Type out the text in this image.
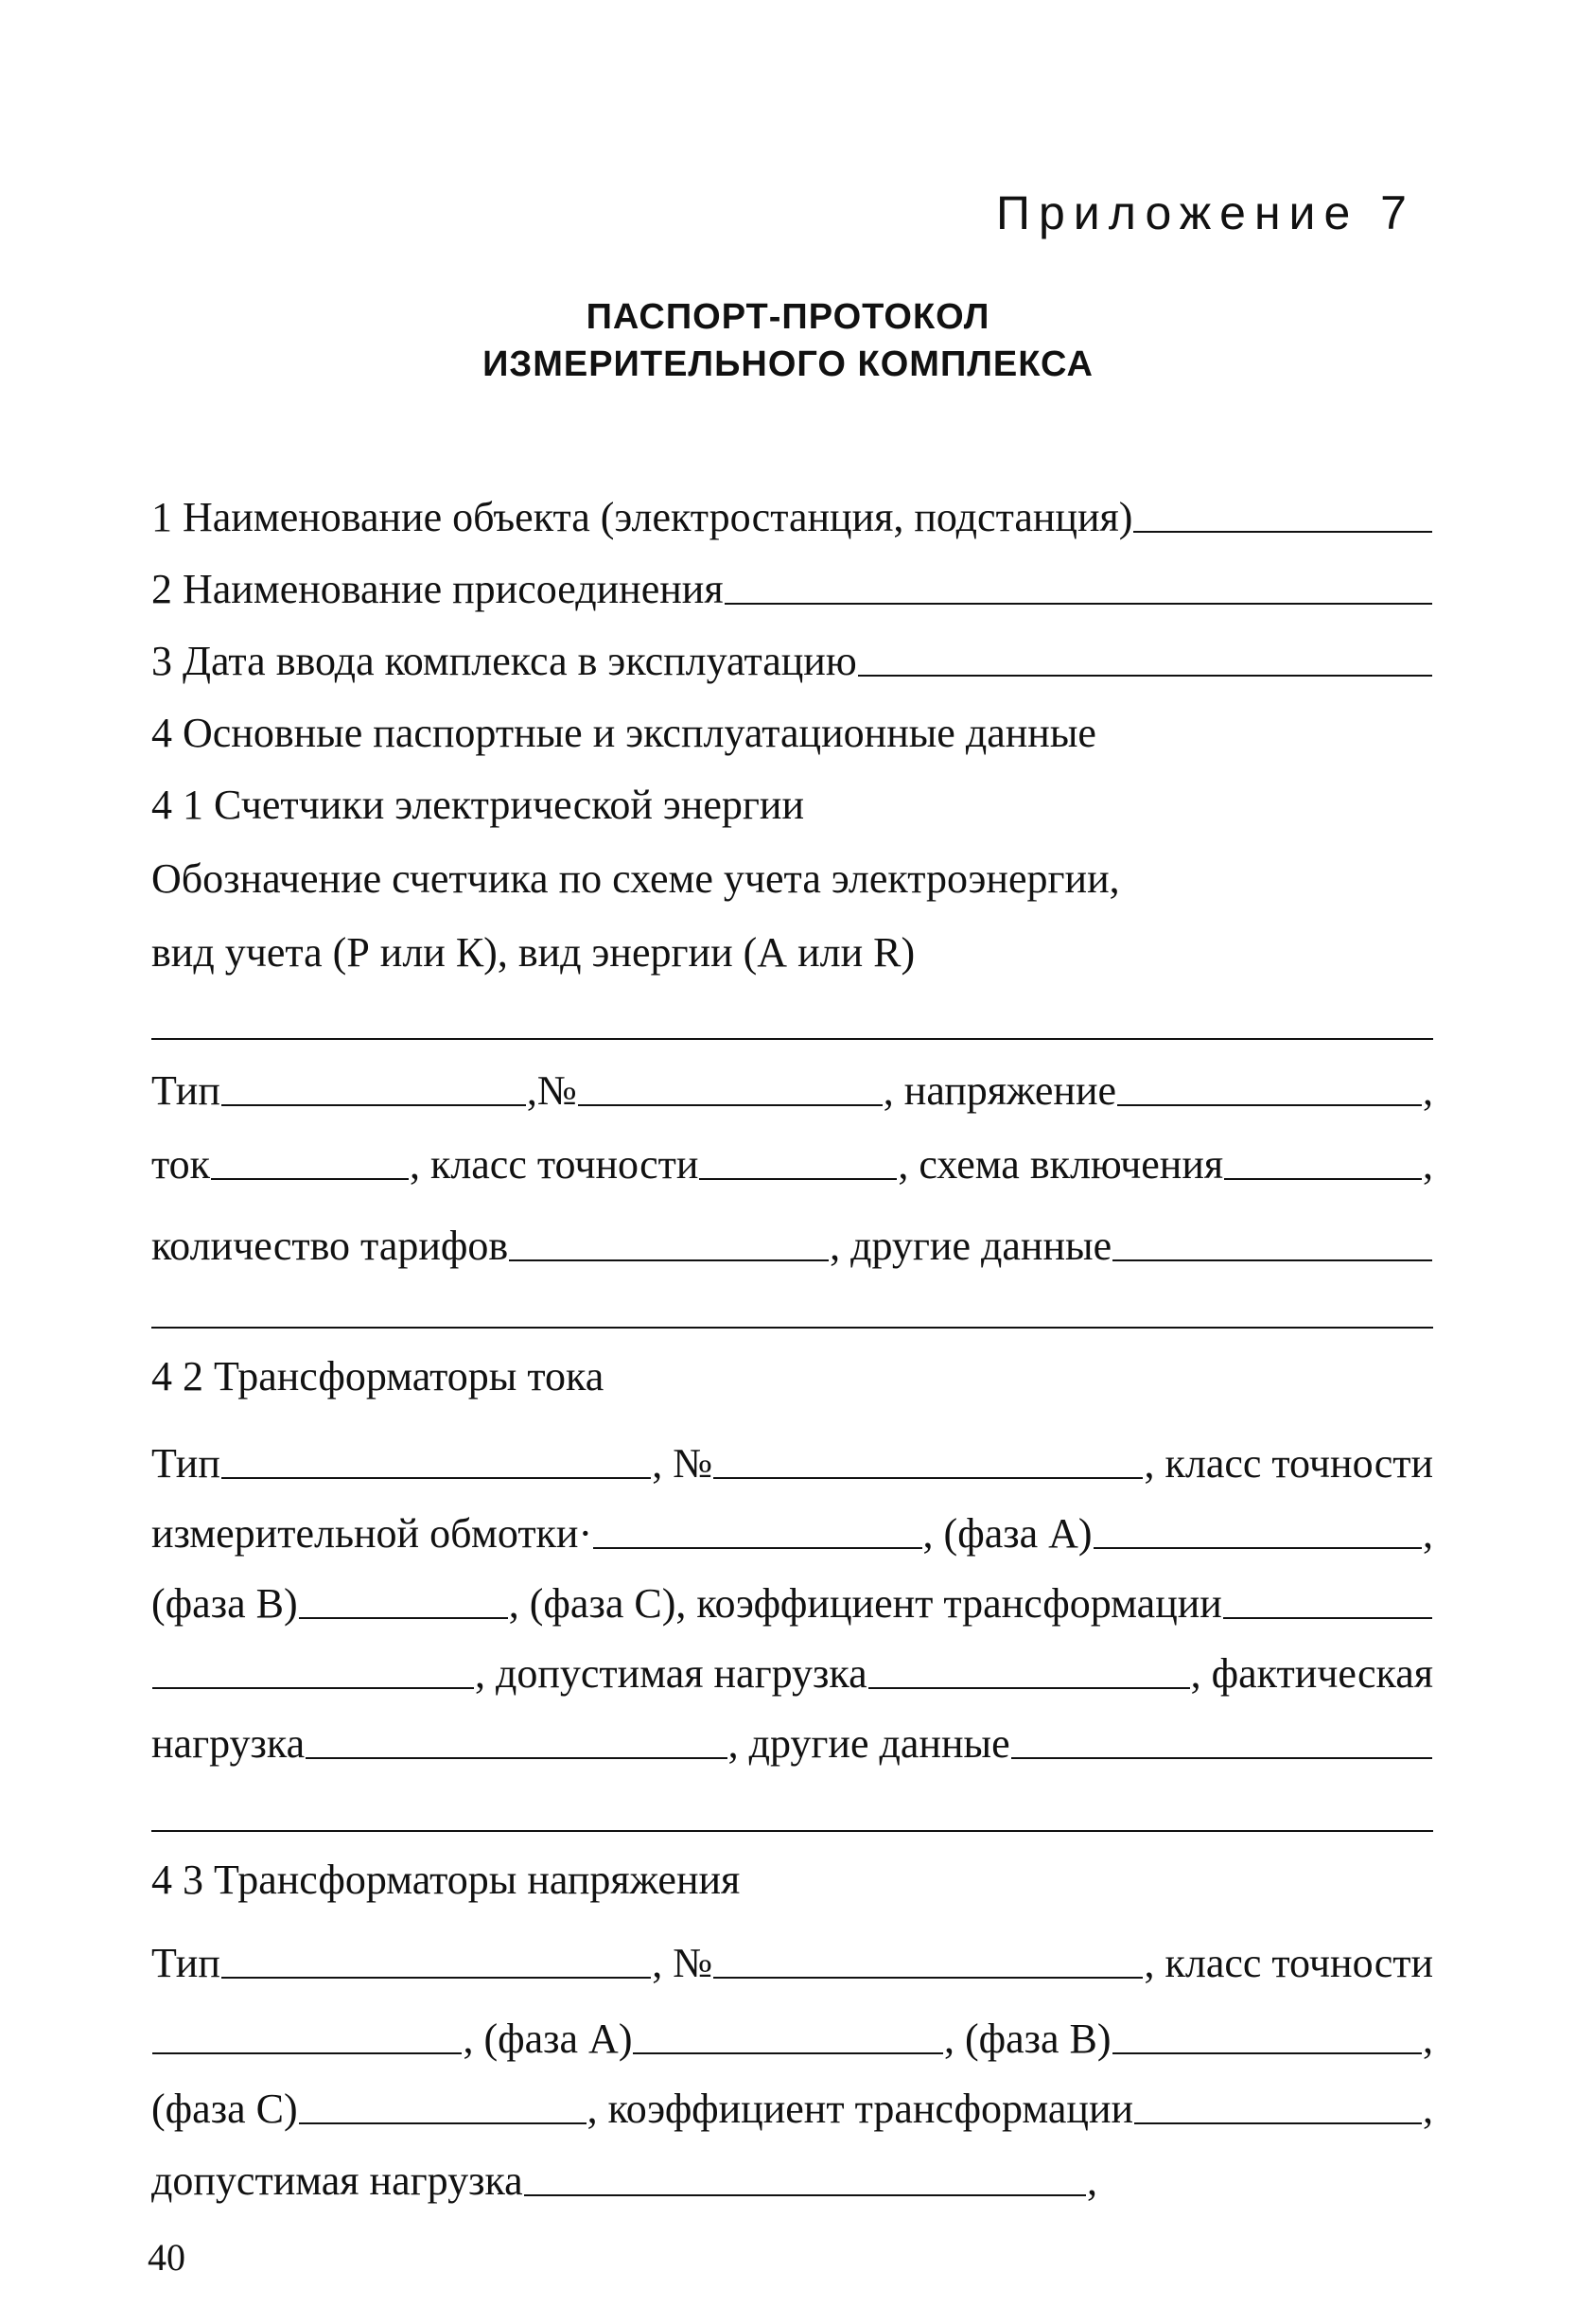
Приложение 7
ПАСПОРТ-ПРОТОКОЛ
ИЗМЕРИТЕЛЬНОГО КОМПЛЕКСА
1 Наименование объекта (электростанция, подстанция)
2 Наименование присоединения
3 Дата ввода комплекса в эксплуатацию
4 Основные паспортные и эксплуатационные данные
4 1 Счетчики электрической энергии
Обозначение счетчика по схеме учета электроэнергии,
вид учета (Р или К), вид энергии (А или R)
Тип	,№	, напряжение	,
ток	, класс точности	, схема включения	,
количество тарифов	, другие данные
4 2 Трансформаторы тока
Тип	, №	, класс точности
измерительной обмотки·	, (фаза А)	,
(фаза В)	, (фаза С), коэффициент трансформации
, допустимая нагрузка	, фактическая
нагрузка	, другие данные
4 3 Трансформаторы напряжения
Тип	, №	, класс точности
, (фаза А)	, (фаза В)	,
(фаза С)	, коэффициент трансформации	,
допустимая нагрузка	,
40
